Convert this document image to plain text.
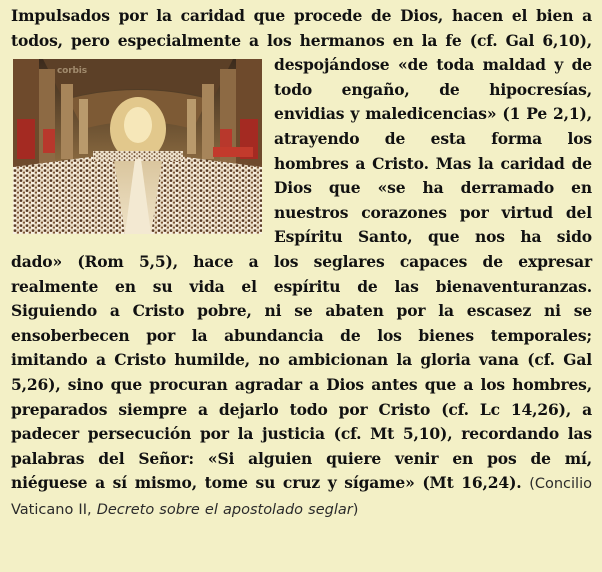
Impulsados por la caridad que procede de Dios, hacen el bien a todos, pero especialmente a los hermanos en la fe
corbis
(cf. Gal 6,10), despojándose «de toda maldad y de todo engaño, de hipocresías, envidias y maledicencias» (1 Pe 2,1), atrayendo de esta forma los hombres a Cristo. Mas la caridad de Dios que «se ha derramado en nuestros corazones por virtud del Espíritu Santo, que nos ha sido dado» (Rom 5,5), hace a los seglares capaces de expresar realmente en su vida el espíritu de las bienaventuranzas. Siguiendo a Cristo pobre, ni se abaten por la escasez ni se ensoberbecen por la abundancia de los bienes temporales; imitando a Cristo humilde, no ambicionan la gloria vana (cf. Gal 5,26), sino que procuran agradar a Dios antes que a los hombres, preparados siempre a dejarlo todo por Cristo (cf. Lc 14,26), a padecer persecución por la justicia (cf. Mt 5,10), recordando las palabras del Señor: «Si alguien quiere venir en pos de mí, niéguese a sí mismo, tome su cruz y sígame» (Mt 16,24). (Concilio Vaticano II, Decreto sobre el apostolado seglar)
